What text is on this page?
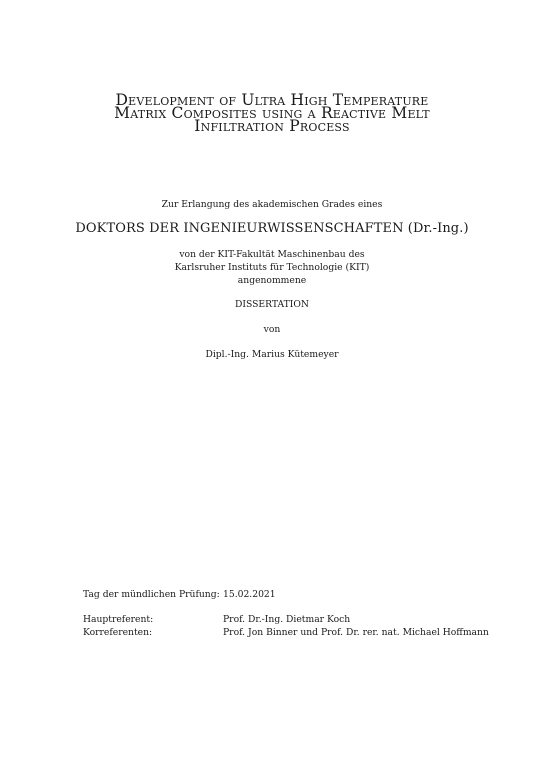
Development of Ultra High Temperature
Matrix Composites using a Reactive Melt
Infiltration Process
Zur Erlangung des akademischen Grades eines
DOKTORS DER INGENIEURWISSENSCHAFTEN (Dr.-Ing.)
von der KIT-Fakultät Maschinenbau des
Karlsruher Instituts für Technologie (KIT)
angenommene
DISSERTATION
von
Dipl.-Ing. Marius Kütemeyer
Tag der mündlichen Prüfung: 15.02.2021
Hauptreferent:	Prof. Dr.-Ing. Dietmar Koch
Korreferenten:	Prof. Jon Binner und Prof. Dr. rer. nat. Michael Hoffmann
